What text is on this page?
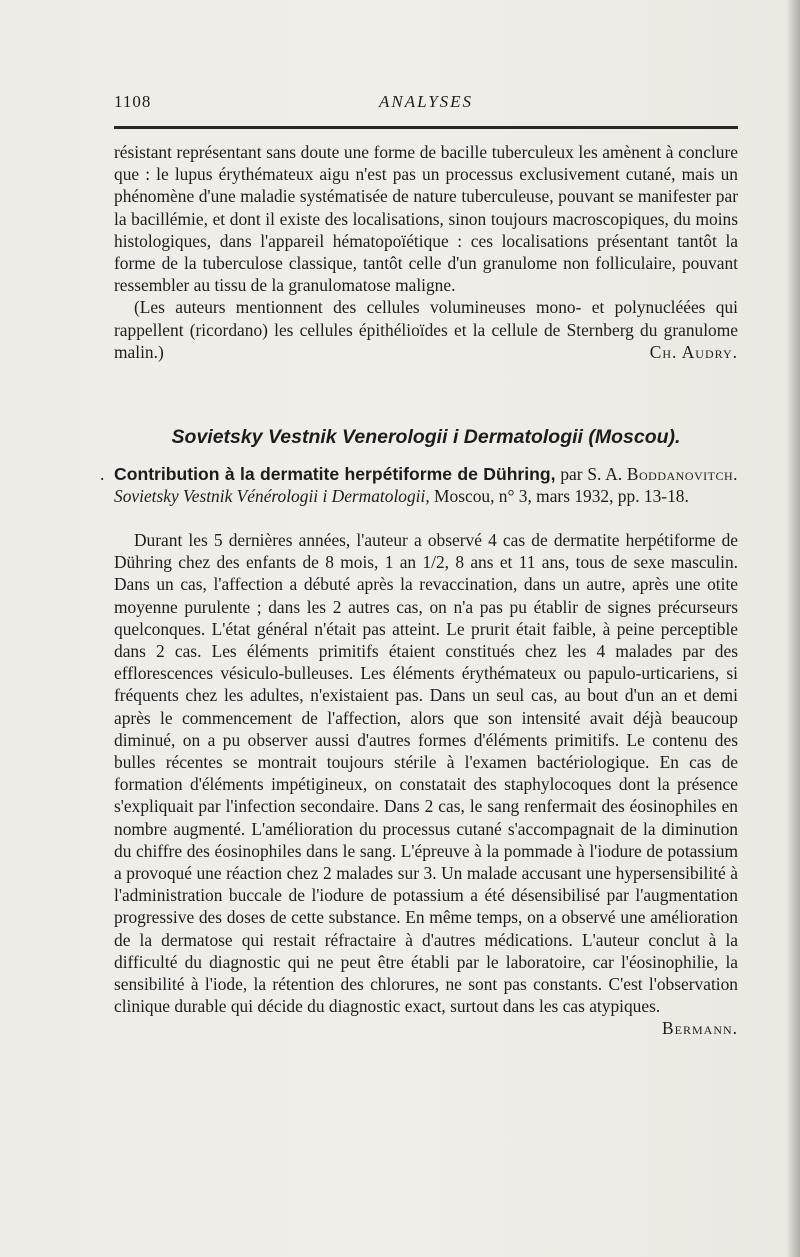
1108	ANALYSES

résistant représentant sans doute une forme de bacille tuberculeux les amènent à conclure que : le lupus érythémateux aigu n'est pas un processus exclusivement cutané, mais un phénomène d'une maladie systématisée de nature tuberculeuse, pouvant se manifester par la bacillémie, et dont il existe des localisations, sinon toujours macroscopiques, du moins histologiques, dans l'appareil hématopoïétique : ces localisations présentant tantôt la forme de la tuberculose classique, tantôt celle d'un granulome non folliculaire, pouvant ressembler au tissu de la granulomatose maligne.

(Les auteurs mentionnent des cellules volumineuses mono- et polynucléées qui rappellent (ricordano) les cellules épithélioïdes et la cellule de Sternberg du granulome malin.)	Ch. Audry.

Sovietsky Vestnik Venerologii i Dermatologii (Moscou).
. Contribution à la dermatite herpétiforme de Dühring, par S. A. Boddanovitch. Sovietsky Vestnik Vénérologii i Dermatologii, Moscou, n° 3, mars 1932, pp. 13-18.

Durant les 5 dernières années, l'auteur a observé 4 cas de dermatite herpétiforme de Dühring chez des enfants de 8 mois, 1 an 1/2, 8 ans et 11 ans, tous de sexe masculin. Dans un cas, l'affection a débuté après la revaccination, dans un autre, après une otite moyenne purulente ; dans les 2 autres cas, on n'a pas pu établir de signes précurseurs quelconques. L'état général n'était pas atteint. Le prurit était faible, à peine perceptible dans 2 cas. Les éléments primitifs étaient constitués chez les 4 malades par des efflorescences vésiculo-bulleuses. Les éléments érythémateux ou papulo-urticariens, si fréquents chez les adultes, n'existaient pas. Dans un seul cas, au bout d'un an et demi après le commencement de l'affection, alors que son intensité avait déjà beaucoup diminué, on a pu observer aussi d'autres formes d'éléments primitifs. Le contenu des bulles récentes se montrait toujours stérile à l'examen bactériologique. En cas de formation d'éléments impétigineux, on constatait des staphylocoques dont la présence s'expliquait par l'infection secondaire. Dans 2 cas, le sang renfermait des éosinophiles en nombre augmenté. L'amélioration du processus cutané s'accompagnait de la diminution du chiffre des éosinophiles dans le sang. L'épreuve à la pommade à l'iodure de potassium a provoqué une réaction chez 2 malades sur 3. Un malade accusant une hypersensibilité à l'administration buccale de l'iodure de potassium a été désensibilisé par l'augmentation progressive des doses de cette substance. En même temps, on a observé une amélioration de la dermatose qui restait réfractaire à d'autres médications. L'auteur conclut à la difficulté du diagnostic qui ne peut être établi par le laboratoire, car l'éosinophilie, la sensibilité à l'iode, la rétention des chlorures, ne sont pas constants. C'est l'observation clinique durable qui décide du diagnostic exact, surtout dans les cas atypiques.
Bermann.
